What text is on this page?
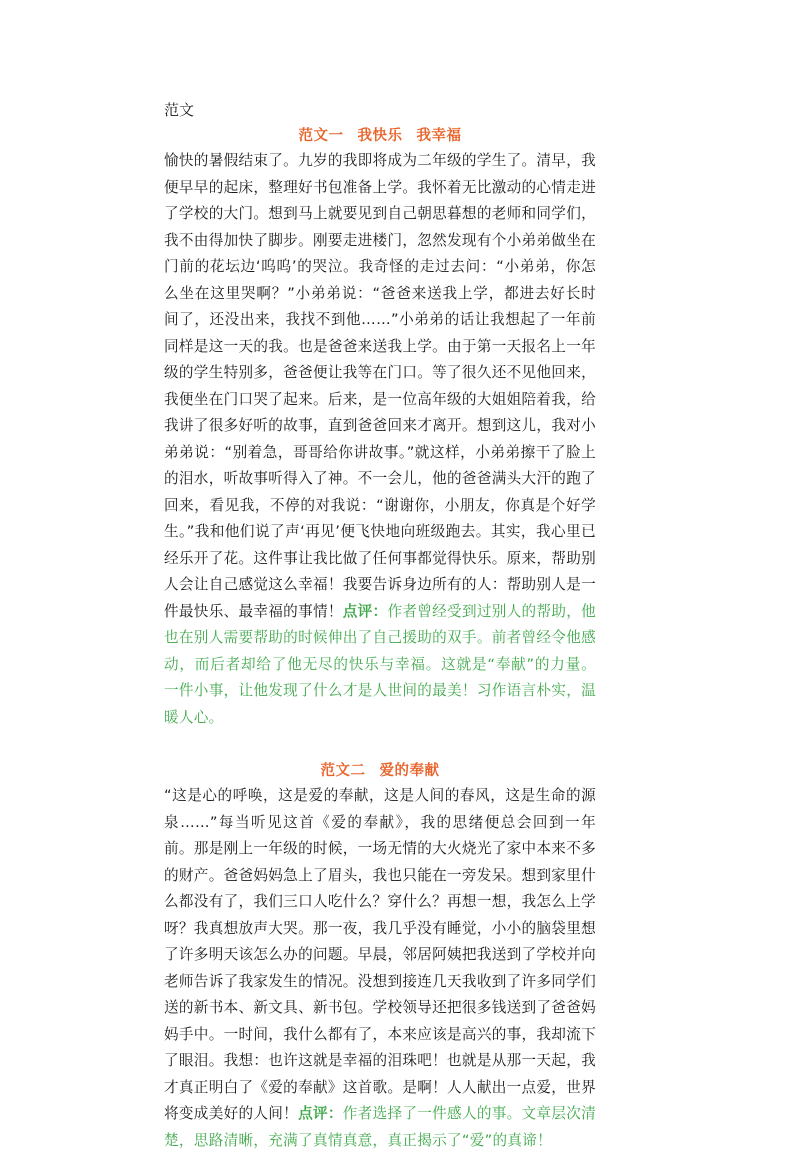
范文

范文一 我快乐 我幸福

愉快的暑假结束了。九岁的我即将成为二年级的学生了。清早，我便早早的起床，整理好书包准备上学。我怀着无比激动的心情走进了学校的大门。想到马上就要见到自己朝思暮想的老师和同学们，我不由得加快了脚步。刚要走进楼门，忽然发现有个小弟弟做坐在门前的花坛边‘呜呜’的哭泣。我奇怪的走过去问：“小弟弟，你怎么坐在这里哭啊？”小弟弟说：“爸爸来送我上学，都进去好长时间了，还没出来，我找不到他……”小弟弟的话让我想起了一年前同样是这一天的我。也是爸爸来送我上学。由于第一天报名上一年级的学生特别多，爸爸便让我等在门口。等了很久还不见他回来，我便坐在门口哭了起来。后来，是一位高年级的大姐姐陪着我，给我讲了很多好听的故事，直到爸爸回来才离开。想到这儿，我对小弟弟说：“别着急，哥哥给你讲故事。”就这样，小弟弟擦干了脸上的泪水，听故事听得入了神。不一会儿，他的爸爸满头大汗的跑了回来，看见我，不停的对我说：“谢谢你，小朋友，你真是个好学生。”我和他们说了声‘再见’便飞快地向班级跑去。其实，我心里已经乐开了花。这件事让我比做了任何事都觉得快乐。原来，帮助别人会让自己感觉这么幸福！我要告诉身边所有的人：帮助别人是一件最快乐、最幸福的事情！点评：作者曾经受到过别人的帮助，他也在别人需要帮助的时候伸出了自己援助的双手。前者曾经令他感动，而后者却给了他无尽的快乐与幸福。这就是“奉献”的力量。一件小事，让他发现了什么才是人世间的最美！习作语言朴实，温暖人心。

范文二 爱的奉献

“这是心的呼唤，这是爱的奉献，这是人间的春风，这是生命的源泉……”每当听见这首《爱的奉献》，我的思绪便总会回到一年前。那是刚上一年级的时候，一场无情的大火烧光了家中本来不多的财产。爸爸妈妈急上了眉头，我也只能在一旁发呆。想到家里什么都没有了，我们三口人吃什么？穿什么？再想一想，我怎么上学呀？我真想放声大哭。那一夜，我几乎没有睡觉，小小的脑袋里想了许多明天该怎么办的问题。早晨，邻居阿姨把我送到了学校并向老师告诉了我家发生的情况。没想到接连几天我收到了许多同学们送的新书本、新文具、新书包。学校领导还把很多钱送到了爸爸妈妈手中。一时间，我什么都有了，本来应该是高兴的事，我却流下了眼泪。我想：也许这就是幸福的泪珠吧！也就是从那一天起，我才真正明白了《爱的奉献》这首歌。是啊！人人献出一点爱，世界将变成美好的人间！点评：作者选择了一件感人的事。文章层次清楚，思路清晰，充满了真情真意，真正揭示了“爱”的真谛！
